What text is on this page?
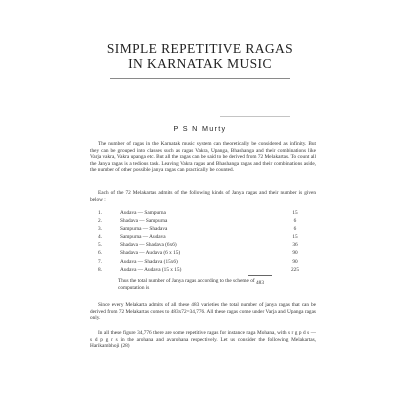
SIMPLE REPETITIVE RAGAS
IN KARNATAK MUSIC
P S N Murty

The number of ragas in the Karnatak music system can theoretically be considered as infinity. But they can be grouped into classes such as ragas Vakra, Upanga, Bhashanga and their combinations like Varja vakra, Vakra upanga etc. But all the ragas can be said to be derived from 72 Melakartas. To count all the Janya ragas is a tedious task. Leaving Vakra ragas and Bhashanga ragas and their combinations aside, the number of other possible janya ragas can practically be counted.

Each of the 72 Melakartas admits of the following kinds of Janya ragas and their number is given below :

1.	Audava — Sampurna	15
2.	Shadava — Sampurna	6
3.	Sampurna — Shadava	6
4.	Sampurna — Audava	15
5.	Shadava — Shadava (6x6)	36
6.	Shadava — Audava (6 x 15)	90
7.	Audava — Shadava (15x6)	90
8.	Audava — Audava (15 x 15)	225
Thus the total number of Janya ragas according to the scheme of computation is
483

Since every Melakarta admits of all these 483 varieties the total number of janya ragas that can be derived from 72 Melakartas comes to 483x72=34,776. All these ragas come under Varja and Upanga ragas only.

In all these figure 34,776 there are some repetitive ragas for instance raga Mohana, with s r g p d s — s d p g r s in the arohana and avarohana respectively. Let us consider the following Melakartas, Harikambhoji (28)
